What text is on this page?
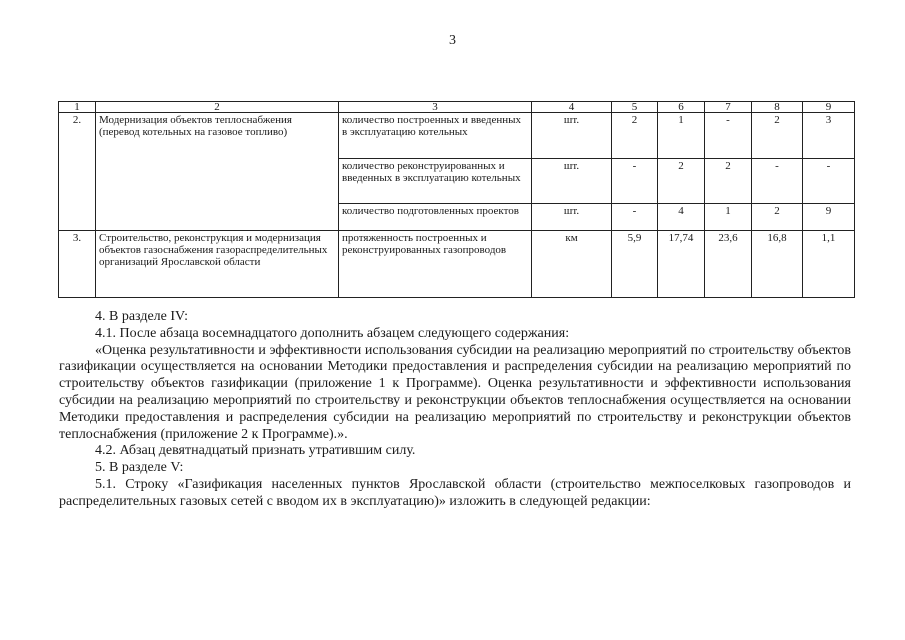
3
1	2	3	4	5	6	7	8	9
2.	Модернизация объектов теплоснабжения (перевод котельных на газовое топливо)	количество построенных и введенных в эксплуатацию котельных	шт.	2	1	-	2	3
		количество реконструированных и введенных в эксплуатацию котельных	шт.	-	2	2	-	-
		количество подготовленных проектов	шт.	-	4	1	2	9
3.	Строительство, реконструкция и модернизация объектов газоснабжения газораспределительных организаций Ярославской области	протяженность построенных и реконструированных газопроводов	км	5,9	17,74	23,6	16,8	1,1

4. В разделе IV:

4.1. После абзаца восемнадцатого дополнить абзацем следующего содержания:

«Оценка результативности и эффективности использования субсидии на реализацию мероприятий по строительству объектов газификации осуществляется на основании Методики предоставления и распределения субсидии на реализацию мероприятий по строительству объектов газификации (приложение 1 к Программе). Оценка результативности и эффективности использования субсидии на реализацию мероприятий по строительству и реконструкции объектов теплоснабжения осуществляется на основании Методики предоставления и распределения субсидии на реализацию мероприятий по строительству и реконструкции объектов теплоснабжения (приложение 2 к Программе).».

4.2. Абзац девятнадцатый признать утратившим силу.

5. В разделе V:

5.1. Строку «Газификация населенных пунктов Ярославской области (строительство межпоселковых газопроводов и распределительных газовых сетей с вводом их в эксплуатацию)» изложить в следующей редакции:
